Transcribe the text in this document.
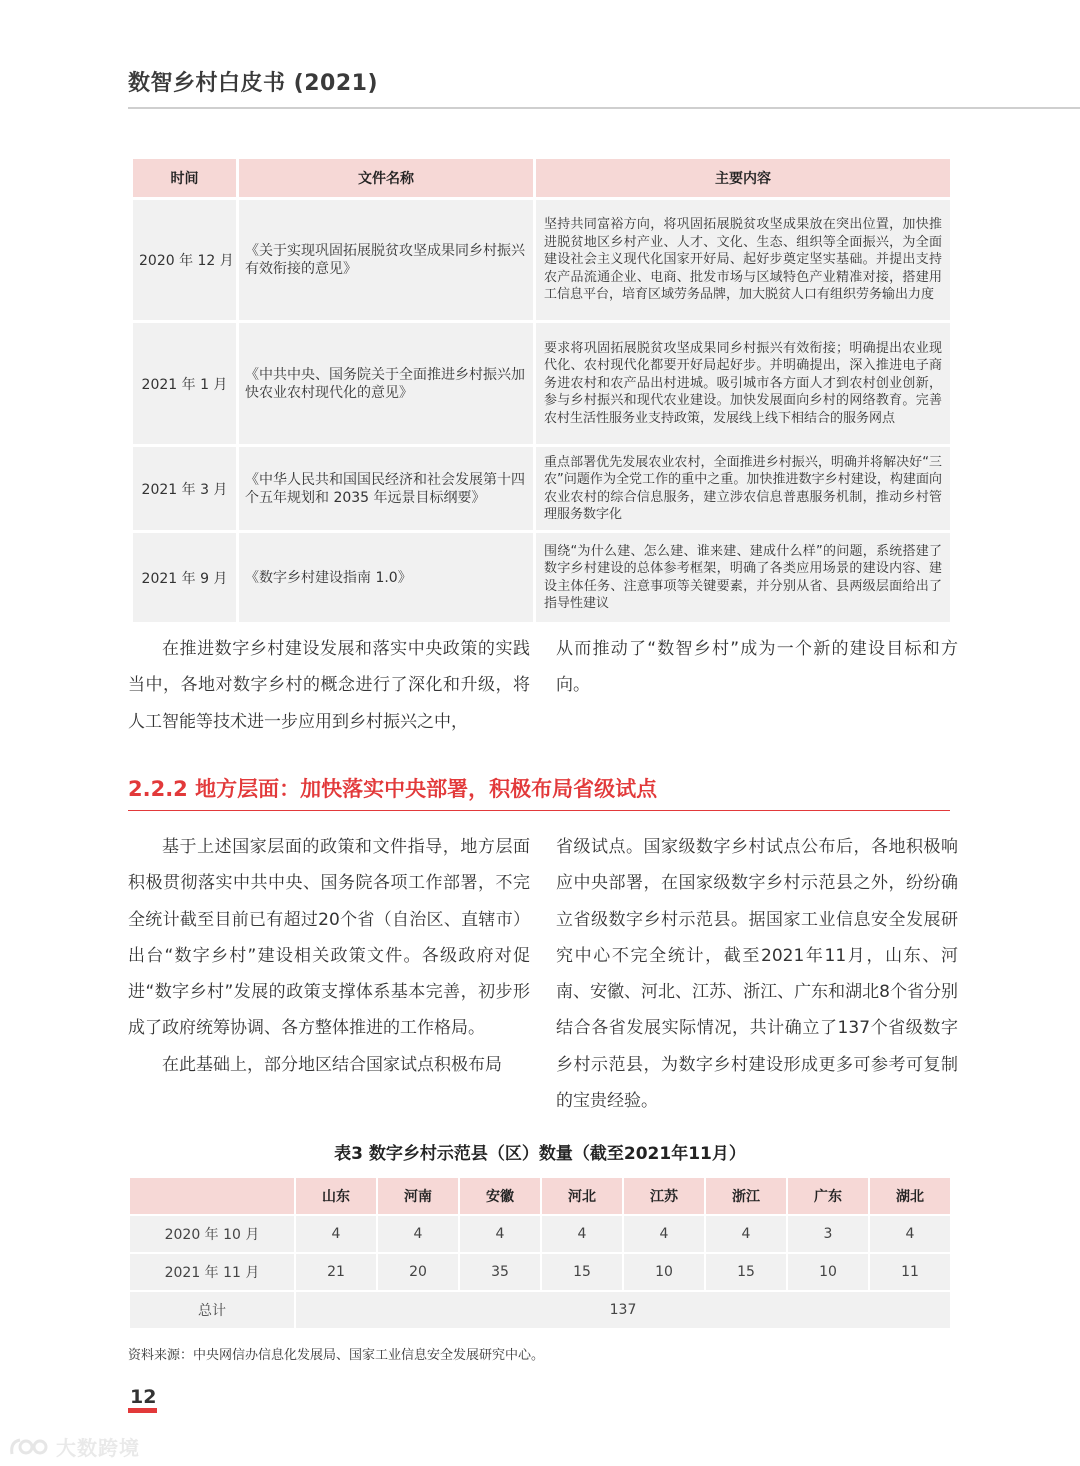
数智乡村白皮书 (2021)
时间	文件名称	主要内容
2020 年 12 月	《关于实现巩固拓展脱贫攻坚成果同乡村振兴有效衔接的意见》	坚持共同富裕方向，将巩固拓展脱贫攻坚成果放在突出位置，加快推进脱贫地区乡村产业、人才、文化、生态、组织等全面振兴，为全面建设社会主义现代化国家开好局、起好步奠定坚实基础。并提出支持农产品流通企业、电商、批发市场与区域特色产业精准对接，搭建用工信息平台，培育区域劳务品牌，加大脱贫人口有组织劳务输出力度
2021 年 1 月	《中共中央、国务院关于全面推进乡村振兴加快农业农村现代化的意见》	要求将巩固拓展脱贫攻坚成果同乡村振兴有效衔接；明确提出农业现代化、农村现代化都要开好局起好步。并明确提出，深入推进电子商务进农村和农产品出村进城。吸引城市各方面人才到农村创业创新，参与乡村振兴和现代农业建设。加快发展面向乡村的网络教育。完善农村生活性服务业支持政策，发展线上线下相结合的服务网点
2021 年 3 月	《中华人民共和国国民经济和社会发展第十四个五年规划和 2035 年远景目标纲要》	重点部署优先发展农业农村，全面推进乡村振兴，明确并将解决好“三农”问题作为全党工作的重中之重。加快推进数字乡村建设，构建面向农业农村的综合信息服务，建立涉农信息普惠服务机制，推动乡村管理服务数字化
2021 年 9 月	《数字乡村建设指南 1.0》	围绕“为什么建、怎么建、谁来建、建成什么样”的问题，系统搭建了数字乡村建设的总体参考框架，明确了各类应用场景的建设内容、建设主体任务、注意事项等关键要素，并分别从省、县两级层面给出了指导性建议

在推进数字乡村建设发展和落实中央政策的实践当中，各地对数字乡村的概念进行了深化和升级，将人工智能等技术进一步应用到乡村振兴之中，

从而推动了“数智乡村”成为一个新的建设目标和方向。

2.2.2 地方层面：加快落实中央部署，积极布局省级试点

基于上述国家层面的政策和文件指导，地方层面积极贯彻落实中共中央、国务院各项工作部署，不完全统计截至目前已有超过20个省（自治区、直辖市）出台“数字乡村”建设相关政策文件。各级政府对促进“数字乡村”发展的政策支撑体系基本完善，初步形成了政府统筹协调、各方整体推进的工作格局。

在此基础上，部分地区结合国家试点积极布局

省级试点。国家级数字乡村试点公布后，各地积极响应中央部署，在国家级数字乡村示范县之外，纷纷确立省级数字乡村示范县。据国家工业信息安全发展研究中心不完全统计，截至2021年11月，山东、河南、安徽、河北、江苏、浙江、广东和湖北8个省分别结合各省发展实际情况，共计确立了137个省级数字乡村示范县，为数字乡村建设形成更多可参考可复制的宝贵经验。

表3 数字乡村示范县（区）数量（截至2021年11月）
	山东	河南	安徽	河北	江苏	浙江	广东	湖北
2020 年 10 月	4	4	4	4	4	4	3	4
2021 年 11 月	21	20	35	15	10	15	10	11
总计	137							
资料来源：中央网信办信息化发展局、国家工业信息安全发展研究中心。
12
大数跨境
